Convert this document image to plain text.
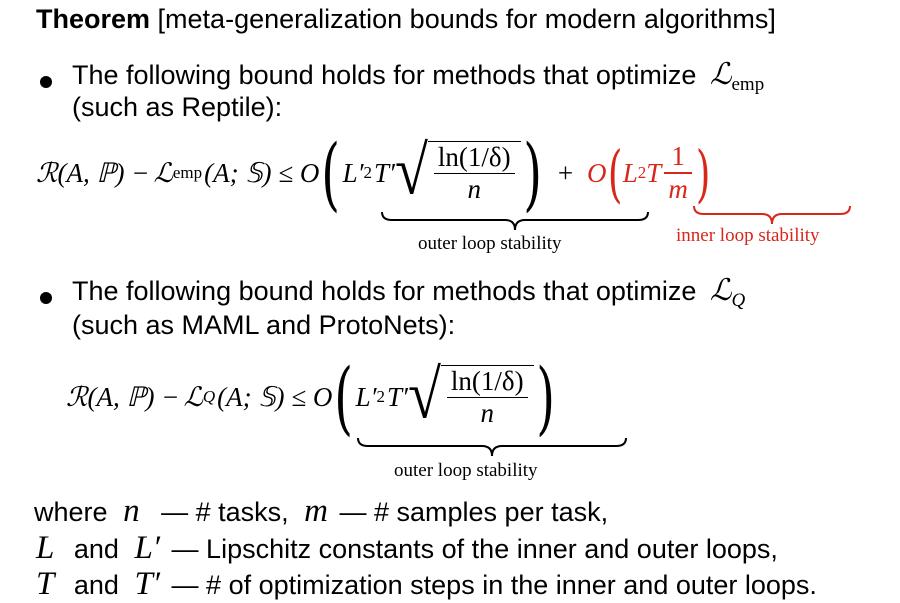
Theorem [meta-generalization bounds for modern algorithms]
The following bound holds for methods that optimize ℒ$_{emp}$
(such as Reptile):
ℛ (A, ℙ) − ℒ emp (A; 𝕊) ≤ O ( L′ 2 T′ √ $\frac{\ln(1/\delta)}{n}$ ) + O ( L 2 T $\frac{1}{m}$ )
outer loop stability	inner loop stability
The following bound holds for methods that optimize ℒ$_Q$
(such as MAML and ProtoNets):
ℛ (A, ℙ) − ℒ Q (A; 𝕊) ≤ O ( L′ 2 T′ √ $\frac{\ln(1/\delta)}{n}$ )
outer loop stability
where n — # tasks, m — # samples per task,
L and L′ — Lipschitz constants of the inner and outer loops,
T and T′ — # of optimization steps in the inner and outer loops.
